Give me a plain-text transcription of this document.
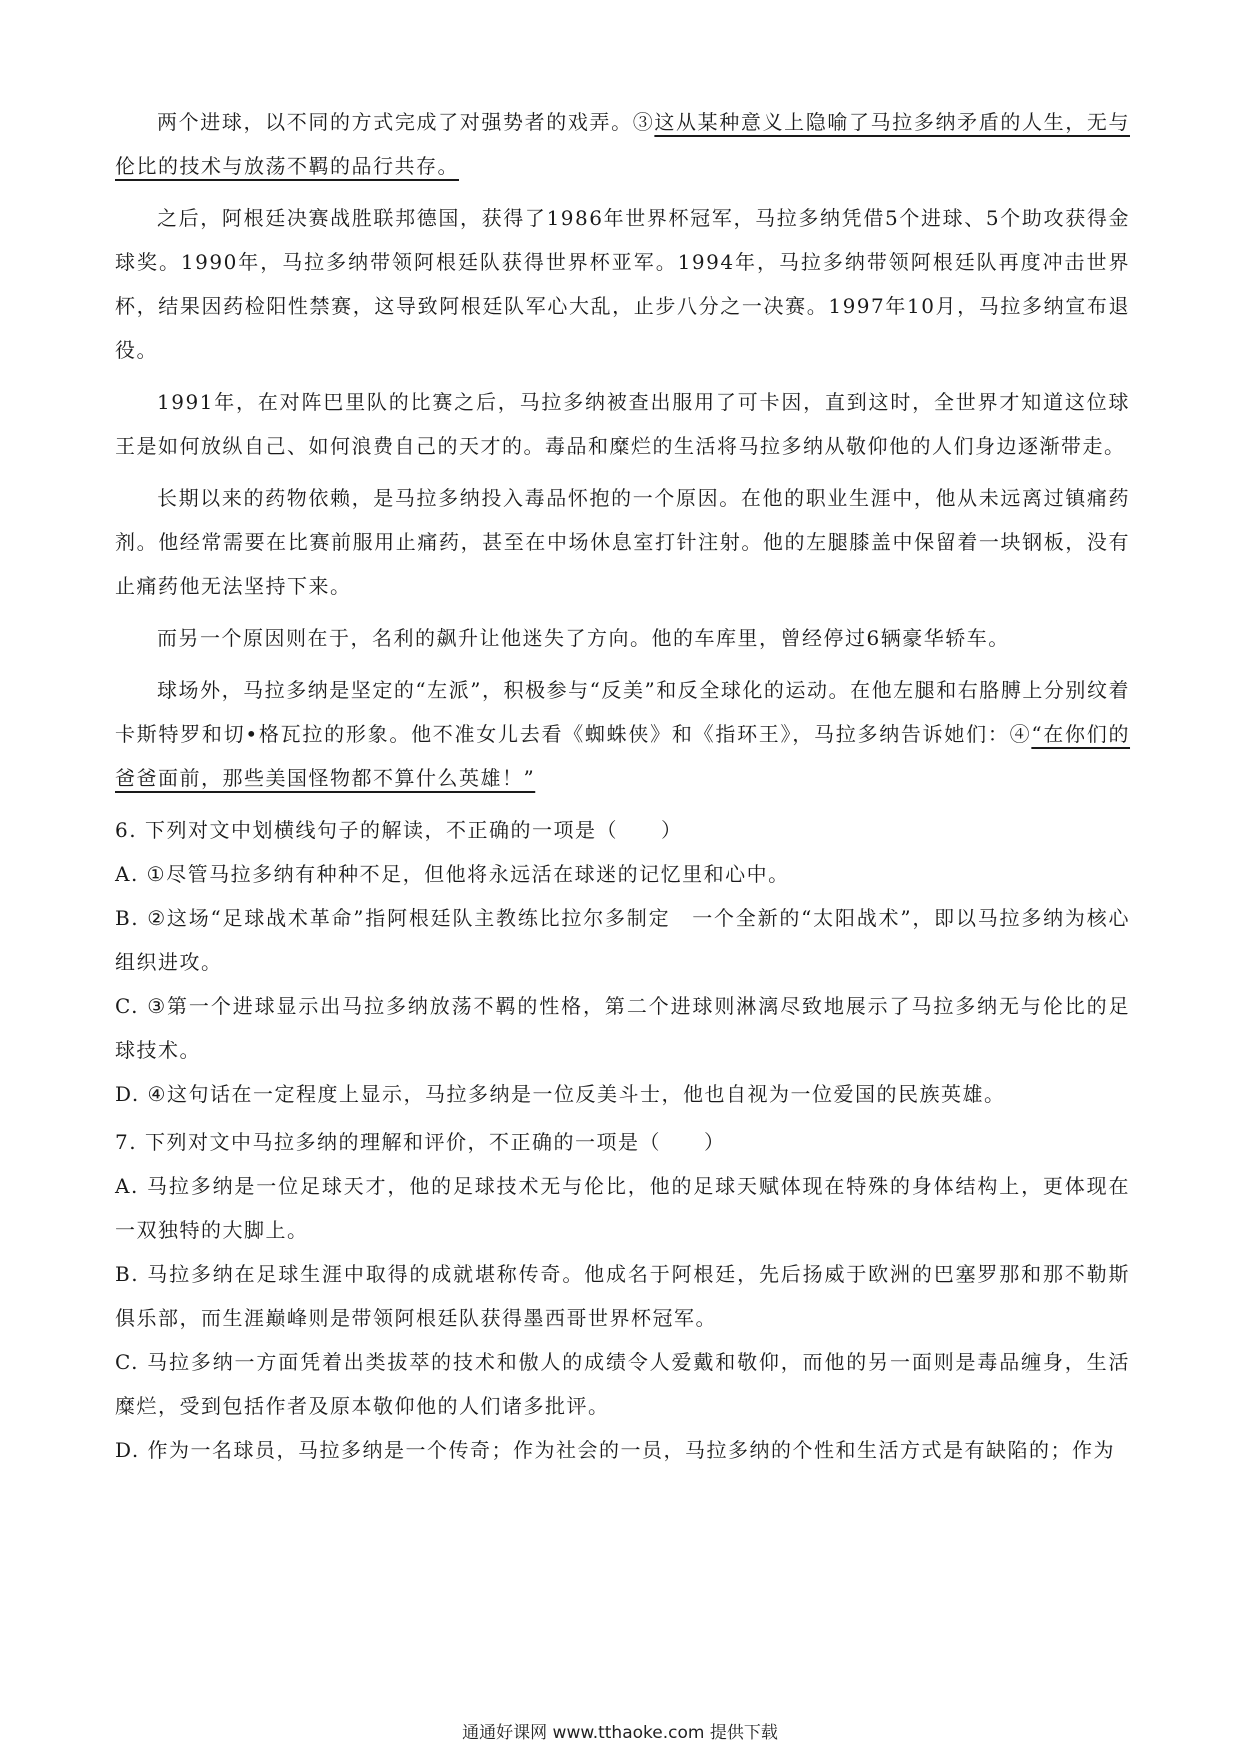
两个进球，以不同的方式完成了对强势者的戏弄。③这从某种意义上隐喻了马拉多纳矛盾的人生，无与伦比的技术与放荡不羁的品行共存。

之后，阿根廷决赛战胜联邦德国，获得了1986年世界杯冠军，马拉多纳凭借5个进球、5个助攻获得金球奖。1990年，马拉多纳带领阿根廷队获得世界杯亚军。1994年，马拉多纳带领阿根廷队再度冲击世界杯，结果因药检阳性禁赛，这导致阿根廷队军心大乱，止步八分之一决赛。1997年10月，马拉多纳宣布退役。

1991年，在对阵巴里队的比赛之后，马拉多纳被查出服用了可卡因，直到这时，全世界才知道这位球王是如何放纵自己、如何浪费自己的天才的。毒品和糜烂的生活将马拉多纳从敬仰他的人们身边逐渐带走。

长期以来的药物依赖，是马拉多纳投入毒品怀抱的一个原因。在他的职业生涯中，他从未远离过镇痛药剂。他经常需要在比赛前服用止痛药，甚至在中场休息室打针注射。他的左腿膝盖中保留着一块钢板，没有止痛药他无法坚持下来。

而另一个原因则在于，名利的飙升让他迷失了方向。他的车库里，曾经停过6辆豪华轿车。

球场外，马拉多纳是坚定的“左派”，积极参与“反美”和反全球化的运动。在他左腿和右胳膊上分别纹着卡斯特罗和切•格瓦拉的形象。他不准女儿去看《蜘蛛侠》和《指环王》，马拉多纳告诉她们：④“在你们的爸爸面前，那些美国怪物都不算什么英雄！”

6. 下列对文中划横线句子的解读，不正确的一项是（　　）

A. ①尽管马拉多纳有种种不足，但他将永远活在球迷的记忆里和心中。

B. ②这场“足球战术革命”指阿根廷队主教练比拉尔多制定　一个全新的“太阳战术”，即以马拉多纳为核心组织进攻。

C. ③第一个进球显示出马拉多纳放荡不羁的性格，第二个进球则淋漓尽致地展示了马拉多纳无与伦比的足球技术。

D. ④这句话在一定程度上显示，马拉多纳是一位反美斗士，他也自视为一位爱国的民族英雄。

7. 下列对文中马拉多纳的理解和评价，不正确的一项是（　　）

A. 马拉多纳是一位足球天才，他的足球技术无与伦比，他的足球天赋体现在特殊的身体结构上，更体现在一双独特的大脚上。

B. 马拉多纳在足球生涯中取得的成就堪称传奇。他成名于阿根廷，先后扬威于欧洲的巴塞罗那和那不勒斯俱乐部，而生涯巅峰则是带领阿根廷队获得墨西哥世界杯冠军。

C. 马拉多纳一方面凭着出类拔萃的技术和傲人的成绩令人爱戴和敬仰，而他的另一面则是毒品缠身，生活糜烂，受到包括作者及原本敬仰他的人们诸多批评。

D. 作为一名球员，马拉多纳是一个传奇；作为社会的一员，马拉多纳的个性和生活方式是有缺陷的；作为

通通好课网 www.tthaoke.com 提供下载
